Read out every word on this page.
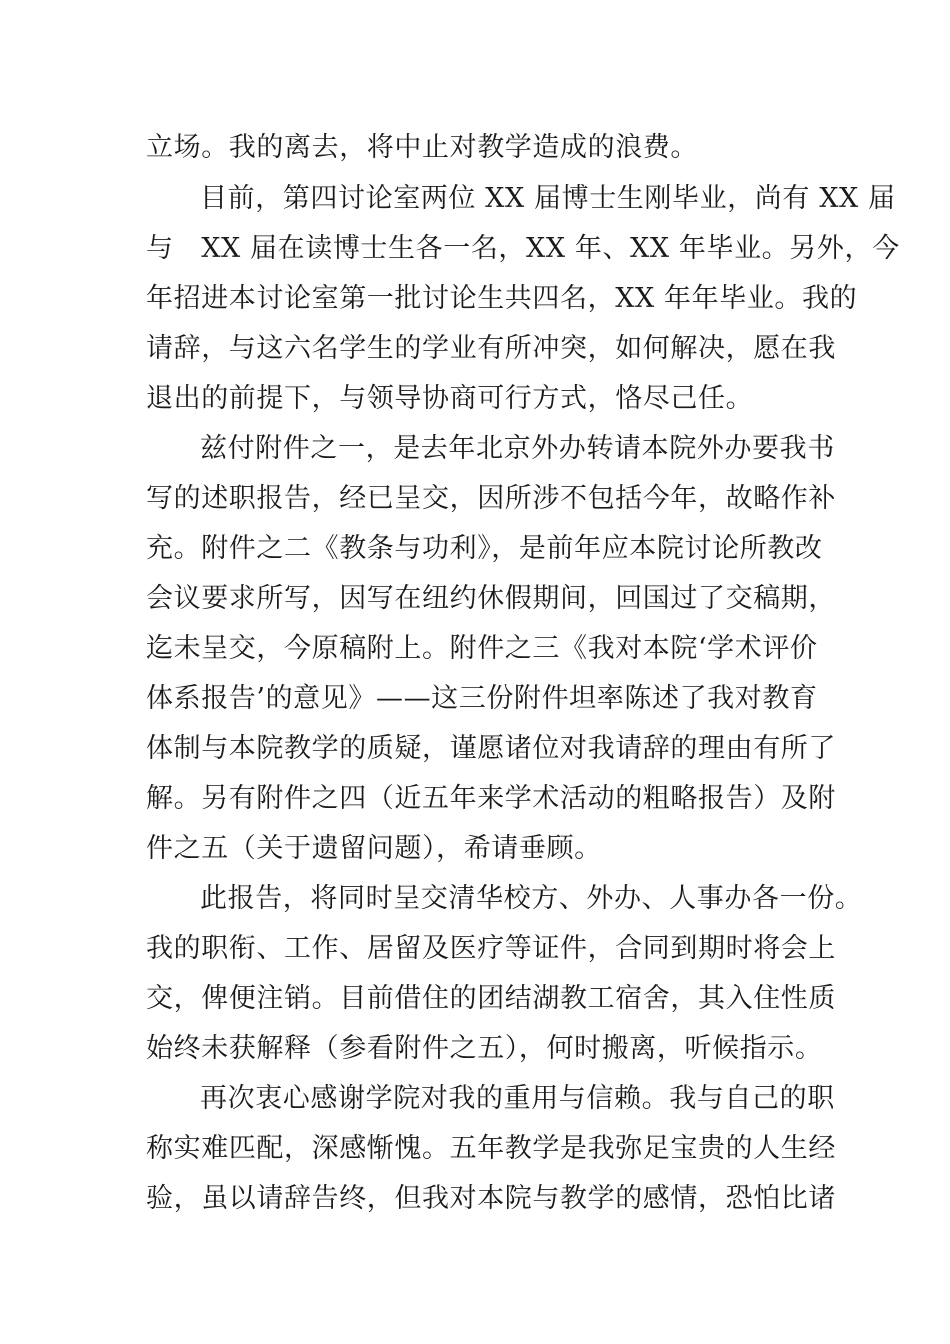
立场。我的离去，将中止对教学造成的浪费。
目前，第四讨论室两位 XX 届博士生刚毕业，尚有 XX 届
与　XX 届在读博士生各一名，XX 年、XX 年毕业。另外，今
年招进本讨论室第一批讨论生共四名，XX 年年毕业。我的
请辞，与这六名学生的学业有所冲突，如何解决，愿在我
退出的前提下，与领导协商可行方式，恪尽己任。
兹付附件之一，是去年北京外办转请本院外办要我书
写的述职报告，经已呈交，因所涉不包括今年，故略作补
充。附件之二《教条与功利》，是前年应本院讨论所教改
会议要求所写，因写在纽约休假期间，回国过了交稿期，
迄未呈交，今原稿附上。附件之三《我对本院‘学术评价
体系报告’的意见》——这三份附件坦率陈述了我对教育
体制与本院教学的质疑，谨愿诸位对我请辞的理由有所了
解。另有附件之四（近五年来学术活动的粗略报告）及附
件之五（关于遗留问题），希请垂顾。
此报告，将同时呈交清华校方、外办、人事办各一份。
我的职衔、工作、居留及医疗等证件，合同到期时将会上
交，俾便注销。目前借住的团结湖教工宿舍，其入住性质
始终未获解释（参看附件之五），何时搬离，听候指示。
再次衷心感谢学院对我的重用与信赖。我与自己的职
称实难匹配，深感惭愧。五年教学是我弥足宝贵的人生经
验，虽以请辞告终，但我对本院与教学的感情，恐怕比诸
